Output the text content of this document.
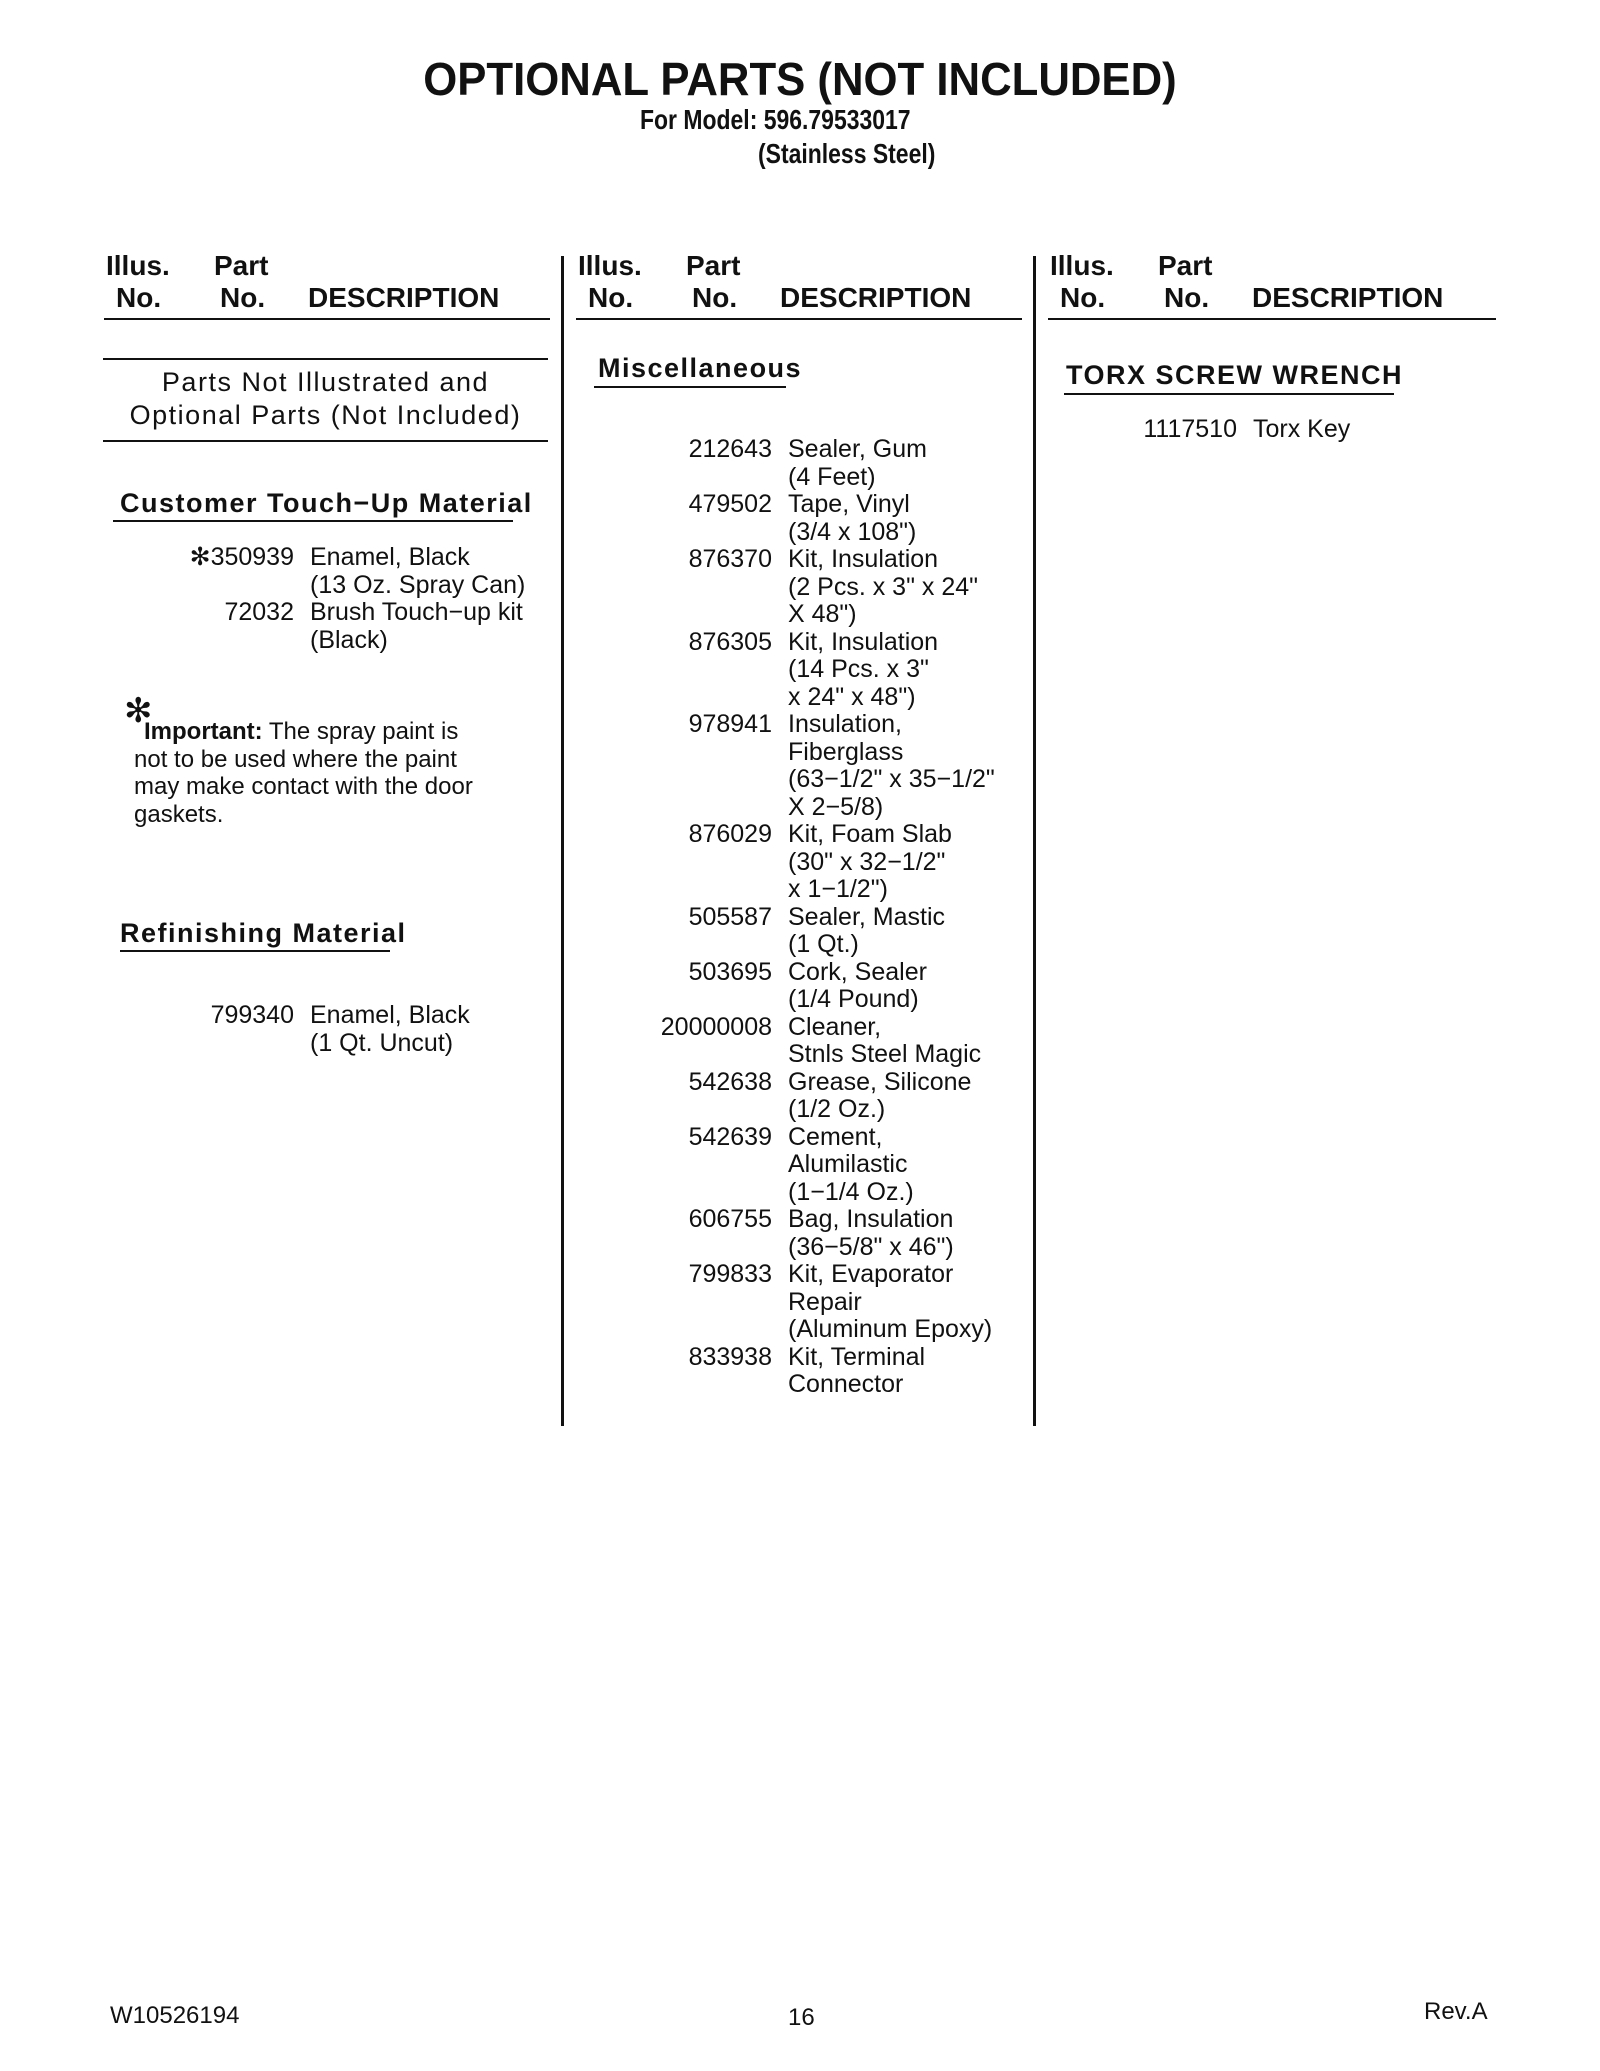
OPTIONAL PARTS (NOT INCLUDED)
For Model: 596.79533017
(Stainless Steel)
Illus.
No.
Part
No. DESCRIPTION
Illus.
No.
Part
No. DESCRIPTION
Illus.
No.
Part
No. DESCRIPTION
Parts Not Illustrated and
Optional Parts (Not Included)
Customer Touch−Up Material
✻350939 Enamel, Black
(13 Oz. Spray Can)
72032 Brush Touch−up kit
(Black)
✻
Important: The spray paint is
not to be used where the paint
may make contact with the door
gaskets.
Refinishing Material
799340 Enamel, Black
(1 Qt. Uncut)
Miscellaneous
212643 Sealer, Gum
(4 Feet)
479502 Tape, Vinyl
(3/4 x 108")
876370 Kit, Insulation
(2 Pcs. x 3" x 24"
X 48")
876305 Kit, Insulation
(14 Pcs. x 3"
x 24" x 48")
978941 Insulation,
Fiberglass
(63−1/2" x 35−1/2"
X 2−5/8)
876029 Kit, Foam Slab
(30" x 32−1/2"
x 1−1/2")
505587 Sealer, Mastic
(1 Qt.)
503695 Cork, Sealer
(1/4 Pound)
20000008 Cleaner,
Stnls Steel Magic
542638 Grease, Silicone
(1/2 Oz.)
542639 Cement,
Alumilastic
(1−1/4 Oz.)
606755 Bag, Insulation
(36−5/8" x 46")
799833 Kit, Evaporator
Repair
(Aluminum Epoxy)
833938 Kit, Terminal
Connector
TORX SCREW WRENCH
1117510 Torx Key
W10526194	16	Rev.A
